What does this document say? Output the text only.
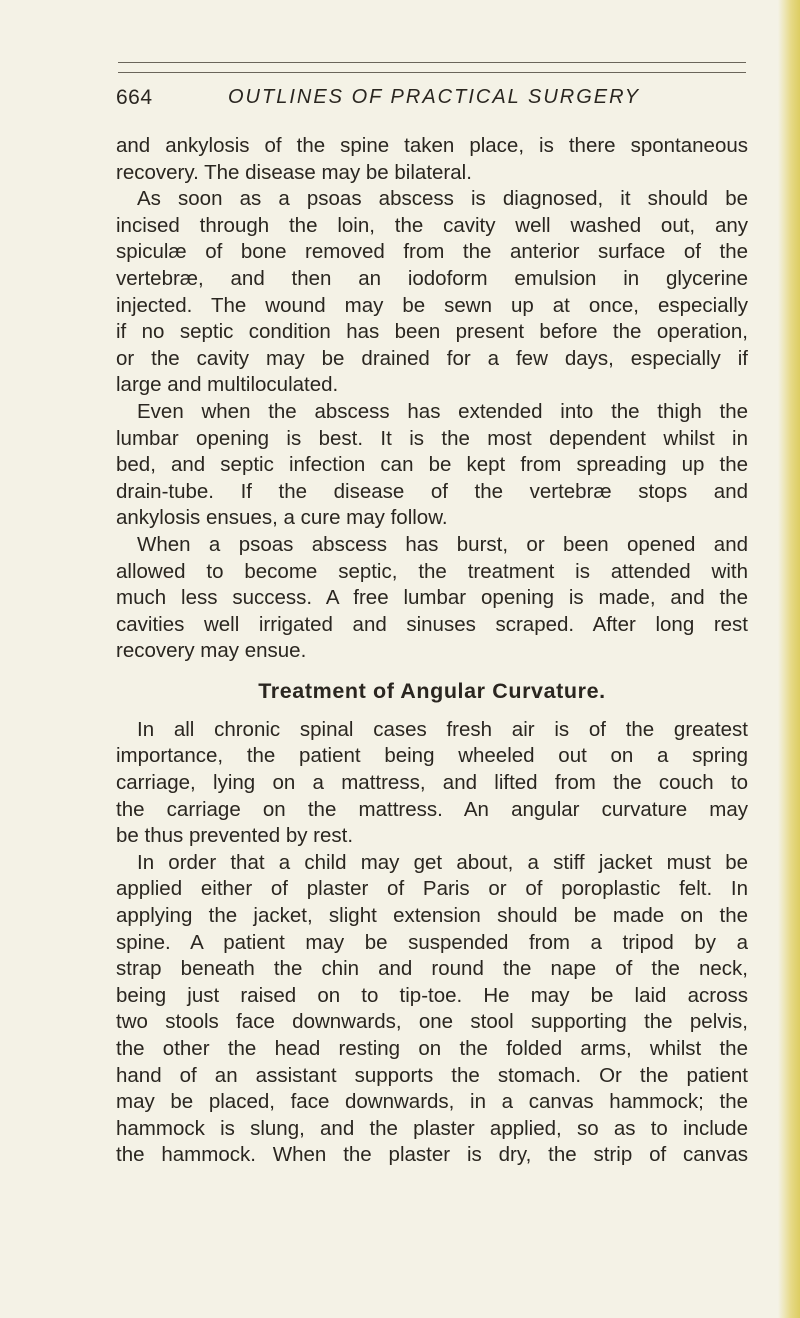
664	OUTLINES OF PRACTICAL SURGERY
and ankylosis of the spine taken place, is there spontaneous
recovery. The disease may be bilateral.
As soon as a psoas abscess is diagnosed, it should be
incised through the loin, the cavity well washed out, any
spiculæ of bone removed from the anterior surface of the
vertebræ, and then an iodoform emulsion in glycerine
injected. The wound may be sewn up at once, especially
if no septic condition has been present before the operation,
or the cavity may be drained for a few days, especially if
large and multiloculated.
Even when the abscess has extended into the thigh the
lumbar opening is best. It is the most dependent whilst in
bed, and septic infection can be kept from spreading up the
drain-tube. If the disease of the vertebræ stops and
ankylosis ensues, a cure may follow.
When a psoas abscess has burst, or been opened and
allowed to become septic, the treatment is attended with
much less success. A free lumbar opening is made, and the
cavities well irrigated and sinuses scraped. After long rest
recovery may ensue.
Treatment of Angular Curvature.
In all chronic spinal cases fresh air is of the greatest
importance, the patient being wheeled out on a spring
carriage, lying on a mattress, and lifted from the couch to
the carriage on the mattress. An angular curvature may
be thus prevented by rest.
In order that a child may get about, a stiff jacket must be
applied either of plaster of Paris or of poroplastic felt. In
applying the jacket, slight extension should be made on the
spine. A patient may be suspended from a tripod by a
strap beneath the chin and round the nape of the neck,
being just raised on to tip-toe. He may be laid across
two stools face downwards, one stool supporting the pelvis,
the other the head resting on the folded arms, whilst the
hand of an assistant supports the stomach. Or the patient
may be placed, face downwards, in a canvas hammock; the
hammock is slung, and the plaster applied, so as to include
the hammock. When the plaster is dry, the strip of canvas
